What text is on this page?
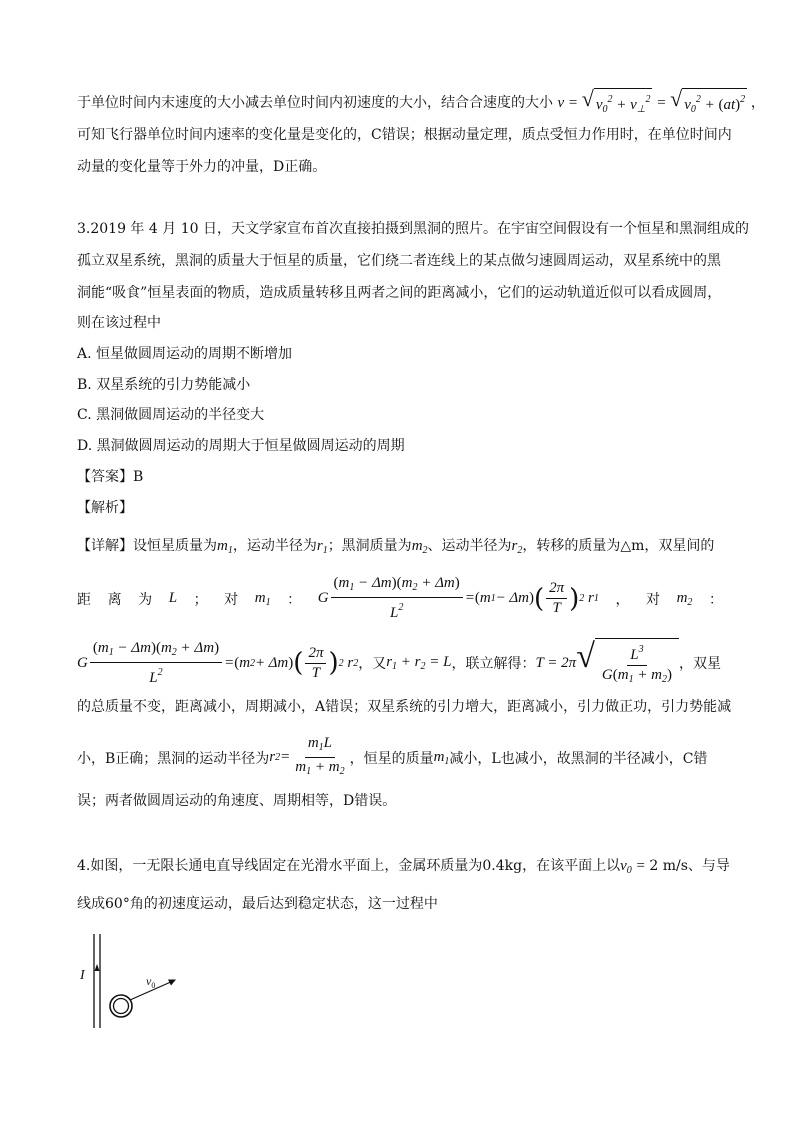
于单位时间内末速度的大小减去单位时间内初速度的大小，结合合速度的大小 v = √ $v_0^2 + v_\perp^2$ = √ $v_0^2 + (at)^2$ ，
可知飞行器单位时间内速率的变化量是变化的，C错误；根据动量定理，质点受恒力作用时，在单位时间内
动量的变化量等于外力的冲量，D正确。
3.2019 年 4 月 10 日，天文学家宣布首次直接拍摄到黑洞的照片。在宇宙空间假设有一个恒星和黑洞组成的
孤立双星系统，黑洞的质量大于恒星的质量，它们绕二者连线上的某点做匀速圆周运动，双星系统中的黑
洞能“吸食”恒星表面的物质，造成质量转移且两者之间的距离减小，它们的运动轨道近似可以看成圆周，
则在该过程中
A. 恒星做圆周运动的周期不断增加
B. 双星系统的引力势能减小
C. 黑洞做圆周运动的半径变大
D. 黑洞做圆周运动的周期大于恒星做圆周运动的周期
【答案】B
【解析】
【详解】设恒星质量为$m_1$，运动半径为$r_1$；黑洞质量为$m_2$、运动半径为$r_2$，转移的质量为△m，双星间的
距 离 为 L ； 对 $m_1$ ： G $\frac{(m_1 - \Delta m)(m_2 + \Delta m)}{L^2}$ = ( m 1 − Δm ) ( $\frac{2\pi}{T}$ ) 2 r 1 ， 对 $m_2$ ：
G $\frac{(m_1 - \Delta m)(m_2 + \Delta m)}{L^2}$ = ( m 2 + Δm ) ( $\frac{2\pi}{T}$ ) 2 r 2 ，又 $r_1 + r_2 = L$ ，联立解得： T = 2π √ $\frac{L^3}{G(m_1 + m_2)}$ ，双星
的总质量不变，距离减小，周期减小，A错误；双星系统的引力增大，距离减小，引力做正功，引力势能减
小，B正确；黑洞的运动半径为 r $2 = \frac{m_1L}{m_1 + m_2}$ ，恒星的质量 $m_1$ 减小，L也减小，故黑洞的半径减小，C错
误；两者做圆周运动的角速度、周期相等，D错误。
4.如图，一无限长通电直导线固定在光滑水平面上，金属环质量为0.4kg，在该平面上以$v_0 = 2$ m/s、与导
线成60°角的初速度运动，最后达到稳定状态，这一过程中
I	$v_0$
